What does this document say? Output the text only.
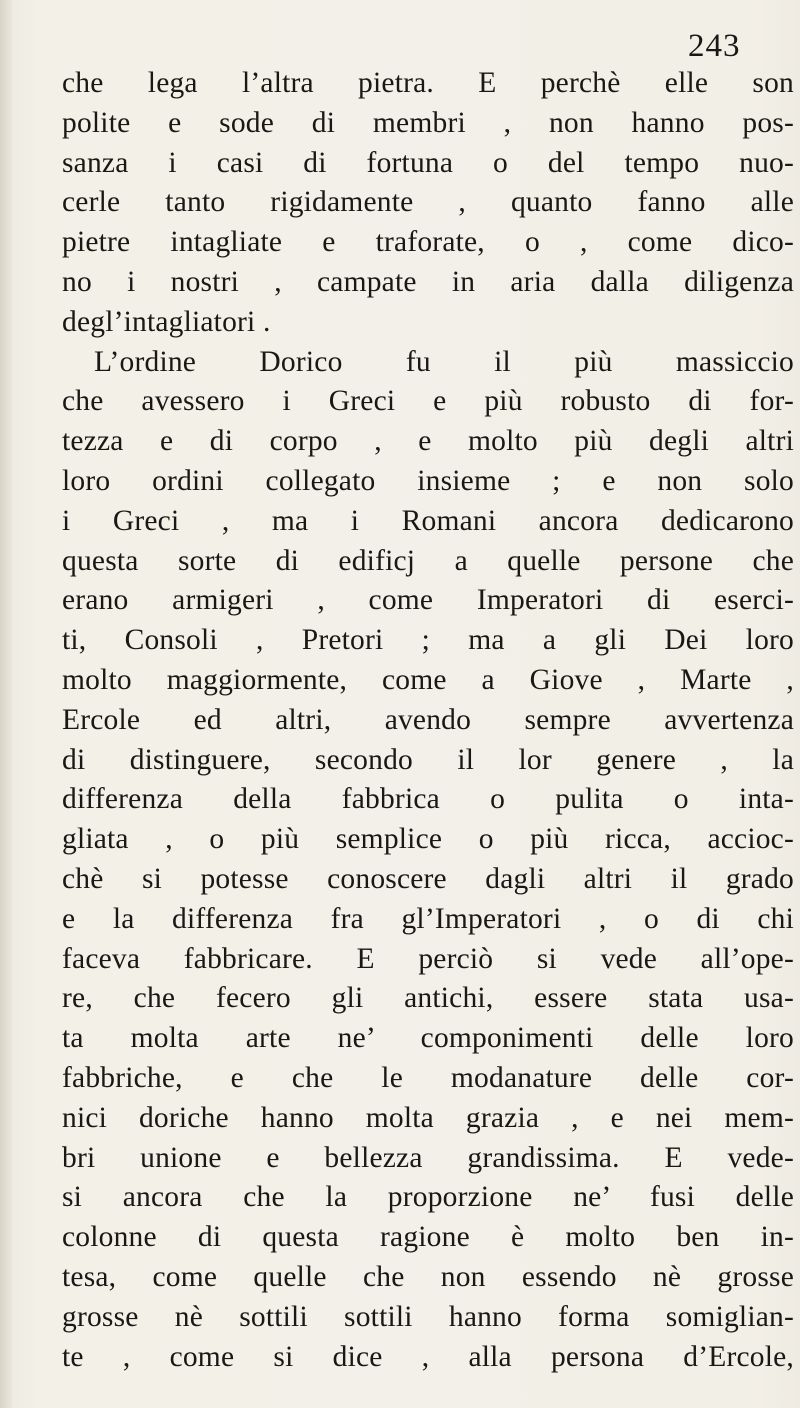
243
che lega l’altra pietra. E perchè elle son
polite e sode di membri , non hanno pos-
sanza i casi di fortuna o del tempo nuo-
cerle tanto rigidamente , quanto fanno alle
pietre intagliate e traforate, o , come dico-
no i nostri , campate in aria dalla diligenza
degl’intagliatori .
L’ordine Dorico fu il più massiccio
che avessero i Greci e più robusto di for-
tezza e di corpo , e molto più degli altri
loro ordini collegato insieme ; e non solo
i Greci , ma i Romani ancora dedicarono
questa sorte di edificj a quelle persone che
erano armigeri , come Imperatori di eserci-
ti, Consoli , Pretori ; ma a gli Dei loro
molto maggiormente, come a Giove , Marte ,
Ercole ed altri, avendo sempre avvertenza
di distinguere, secondo il lor genere , la
differenza della fabbrica o pulita o inta-
gliata , o più semplice o più ricca, accioc-
chè si potesse conoscere dagli altri il grado
e la differenza fra gl’Imperatori , o di chi
faceva fabbricare. E perciò si vede all’ope-
re, che fecero gli antichi, essere stata usa-
ta molta arte ne’ componimenti delle loro
fabbriche, e che le modanature delle cor-
nici doriche hanno molta grazia , e nei mem-
bri unione e bellezza grandissima. E vede-
si ancora che la proporzione ne’ fusi delle
colonne di questa ragione è molto ben in-
tesa, come quelle che non essendo nè grosse
grosse nè sottili sottili hanno forma somiglian-
te , come si dice , alla persona d’Ercole,
